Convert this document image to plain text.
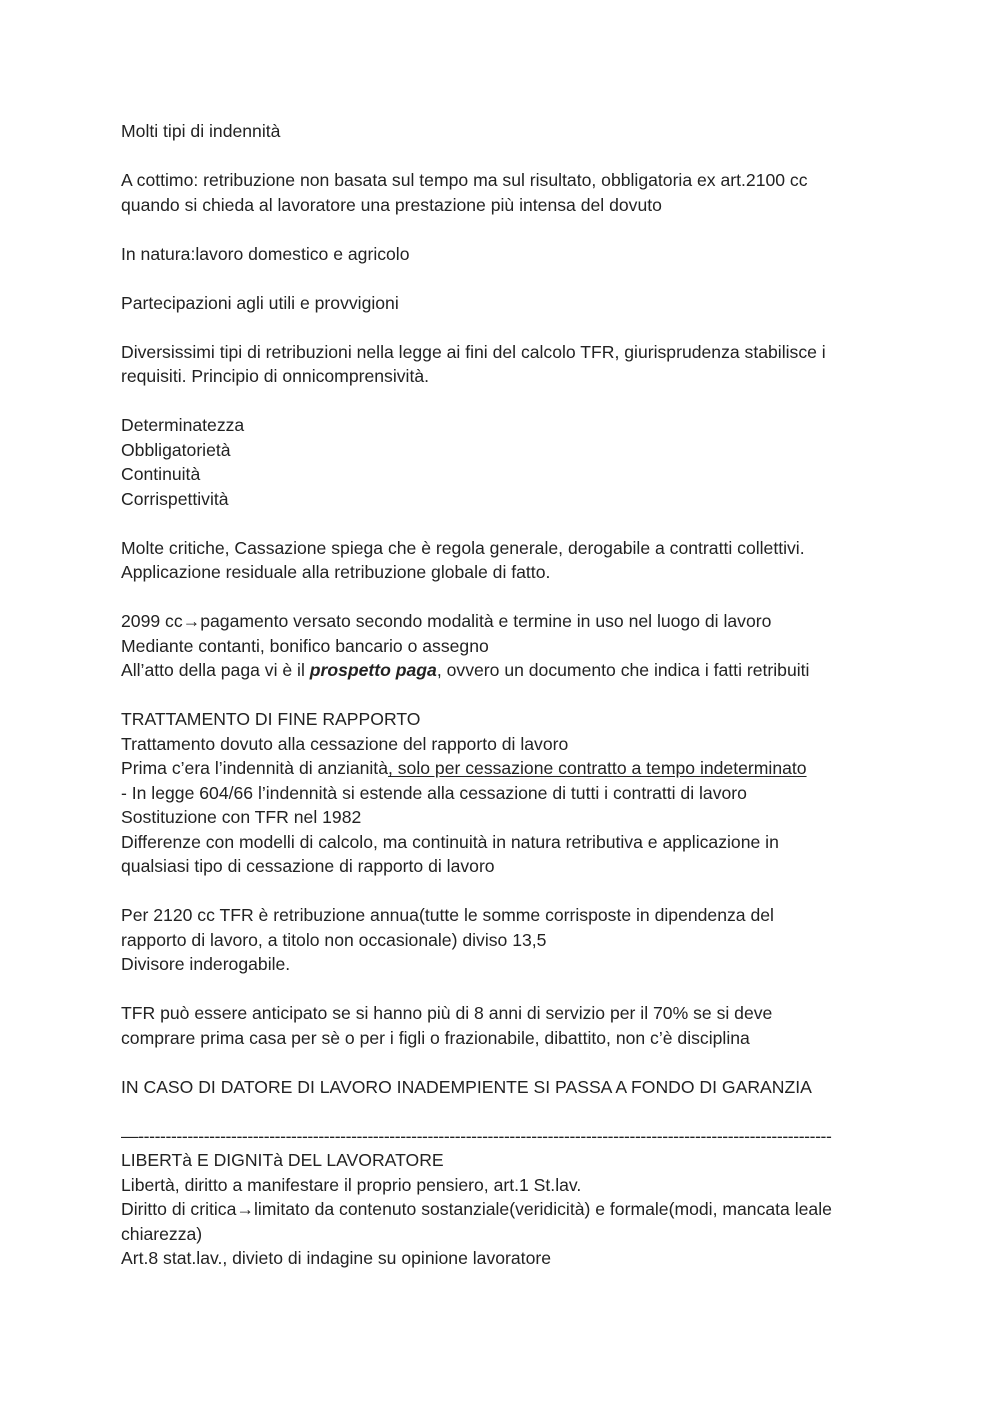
Molti tipi di indennità

A cottimo: retribuzione non basata sul tempo ma sul risultato, obbligatoria ex art.2100 cc

quando si chieda al lavoratore una prestazione più intensa del dovuto

In natura:lavoro domestico e agricolo

Partecipazioni agli utili e provvigioni

Diversissimi tipi di retribuzioni nella legge ai fini del calcolo TFR, giurisprudenza stabilisce i

requisiti. Principio di onnicomprensività.

Determinatezza

Obbligatorietà

Continuità

Corrispettività

Molte critiche, Cassazione spiega che è regola generale, derogabile a contratti collettivi.

Applicazione residuale alla retribuzione globale di fatto.

2099 cc→pagamento versato secondo modalità e termine in uso nel luogo di lavoro

Mediante contanti, bonifico bancario o assegno

All’atto della paga vi è il prospetto paga, ovvero un documento che indica i fatti retribuiti

TRATTAMENTO DI FINE RAPPORTO

Trattamento dovuto alla cessazione del rapporto di lavoro

Prima c’era l’indennità di anzianità, solo per cessazione contratto a tempo indeterminato

- In legge 604/66 l’indennità si estende alla cessazione di tutti i contratti di lavoro

Sostituzione con TFR nel 1982

Differenze con modelli di calcolo, ma continuità in natura retributiva e applicazione in

qualsiasi tipo di cessazione di rapporto di lavoro

Per 2120 cc TFR è retribuzione annua(tutte le somme corrisposte in dipendenza del

rapporto di lavoro, a titolo non occasionale) diviso 13,5

Divisore inderogabile.

TFR può essere anticipato se si hanno più di 8 anni di servizio per il 70% se si deve

comprare prima casa per sè o per i figli o frazionabile, dibattito, non c’è disciplina

IN CASO DI DATORE DI LAVORO INADEMPIENTE SI PASSA A FONDO DI GARANZIA

—-------------------------------------------------------------------------------------------------------------------------------

LIBERTà E DIGNITà DEL LAVORATORE

Libertà, diritto a manifestare il proprio pensiero, art.1 St.lav.

Diritto di critica→limitato da contenuto sostanziale(veridicità) e formale(modi, mancata leale

chiarezza)

Art.8 stat.lav., divieto di indagine su opinione lavoratore
